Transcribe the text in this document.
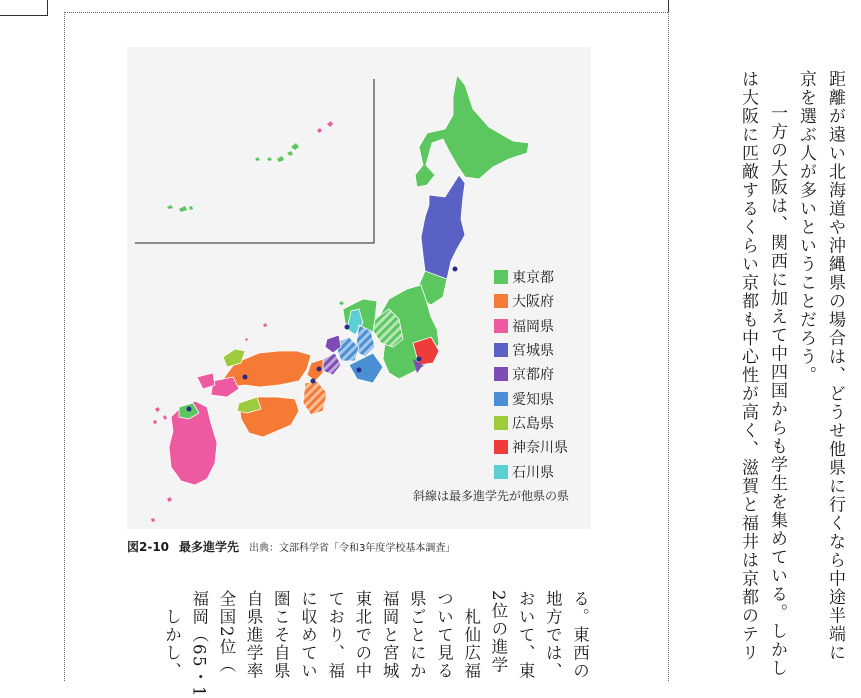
東京都
大阪府
福岡県
宮城県
京都府
愛知県
広島県
神奈川県
石川県
斜線は最多進学先が他県の県
図2-10 最多進学先 出典：文部科学省「令和3年度学校基本調査」	距離が遠い北海道や沖縄県の場合は、どうせ他県に行くなら中途半端に
京を選ぶ人が多いということだろう。
一方の大阪は、関西に加えて中四国からも学生を集めている。しかし
は大阪に匹敵するくらい京都も中心性が高く、滋賀と福井は京都のテリ
る。東西の
地方では、
おいて、東
2位の進学
札仙広福
ついて見る
県ごとにか
福岡と宮城
東北での中
ており、福
に収めてい
圏こそ自県
自県進学率
全国2位（
福岡（65・1
しかし、
